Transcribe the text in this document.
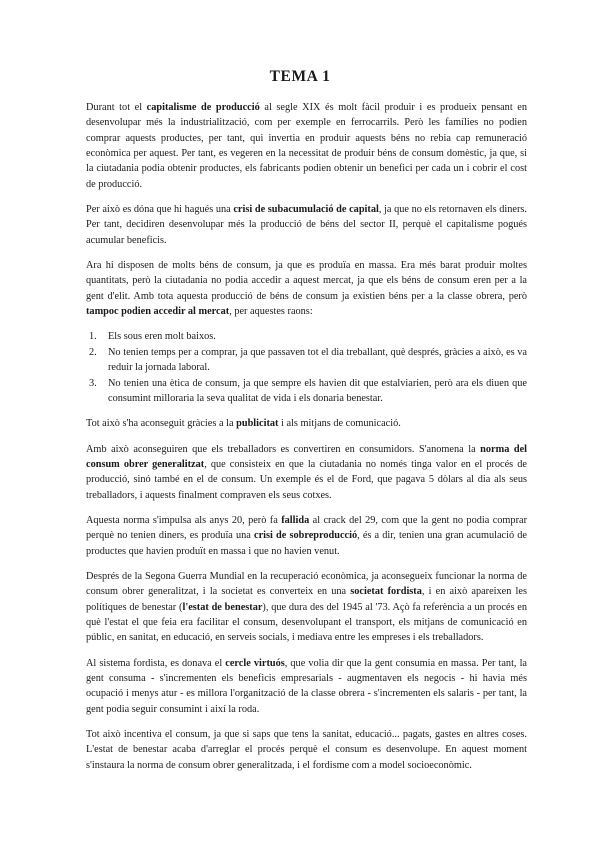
TEMA 1

Durant tot el capitalisme de producció al segle XIX és molt fàcil produir i es produeix pensant en desenvolupar més la industrialització, com per exemple en ferrocarrils. Però les famílies no podien comprar aquests productes, per tant, qui invertia en produir aquests béns no rebia cap remuneració econòmica per aquest. Per tant, es vegeren en la necessitat de produir béns de consum domèstic, ja que, si la ciutadania podia obtenir productes, els fabricants podien obtenir un benefici per cada un i cobrir el cost de producció.

Per això es dóna que hi hagués una crisi de subacumulació de capital, ja que no els retornaven els diners. Per tant, decidiren desenvolupar més la producció de béns del sector II, perquè el capitalisme pogués acumular beneficis.

Ara hi disposen de molts béns de consum, ja que es produïa en massa. Era més barat produir moltes quantitats, però la ciutadania no podia accedir a aquest mercat, ja que els béns de consum eren per a la gent d'elit. Amb tota aquesta producció de béns de consum ja existien béns per a la classe obrera, però tampoc podien accedir al mercat, per aquestes raons:

1. Els sous eren molt baixos.
2. No tenien temps per a comprar, ja que passaven tot el dia treballant, què després, gràcies a això, es va reduir la jornada laboral.
3. No tenien una ètica de consum, ja que sempre els havien dit que estalviarien, però ara els diuen que consumint milloraria la seva qualitat de vida i els donaria benestar.

Tot això s'ha aconseguit gràcies a la publicitat i als mitjans de comunicació.

Amb això aconseguiren que els treballadors es convertiren en consumidors. S'anomena la norma del consum obrer generalitzat, que consisteix en que la ciutadania no només tinga valor en el procés de producció, sinó també en el de consum. Un exemple és el de Ford, que pagava 5 dòlars al dia als seus treballadors, i aquests finalment compraven els seus cotxes.

Aquesta norma s'impulsa als anys 20, però fa fallida al crack del 29, com que la gent no podia comprar perquè no tenien diners, es produïa una crisi de sobreproducció, és a dir, tenien una gran acumulació de productes que havien produït en massa i que no havien venut.

Després de la Segona Guerra Mundial en la recuperació econòmica, ja aconsegueix funcionar la norma de consum obrer generalitzat, i la societat es converteix en una societat fordista, i en això apareixen les polítiques de benestar (l'estat de benestar), que dura des del 1945 al '73. Açò fa referència a un procés en què l'estat el que feia era facilitar el consum, desenvolupant el transport, els mitjans de comunicació en públic, en sanitat, en educació, en serveis socials, i mediava entre les empreses i els treballadors.

Al sistema fordista, es donava el cercle virtuós, que volia dir que la gent consumia en massa. Per tant, la gent consuma - s'incrementen els beneficis empresarials - augmentaven els negocis - hi havia més ocupació i menys atur - es millora l'organització de la classe obrera - s'incrementen els salaris - per tant, la gent podia seguir consumint i així la roda.

Tot això incentiva el consum, ja que si saps que tens la sanitat, educació... pagats, gastes en altres coses. L'estat de benestar acaba d'arreglar el procés perquè el consum es desenvolupe. En aquest moment s'instaura la norma de consum obrer generalitzada, i el fordisme com a model socioeconòmic.
